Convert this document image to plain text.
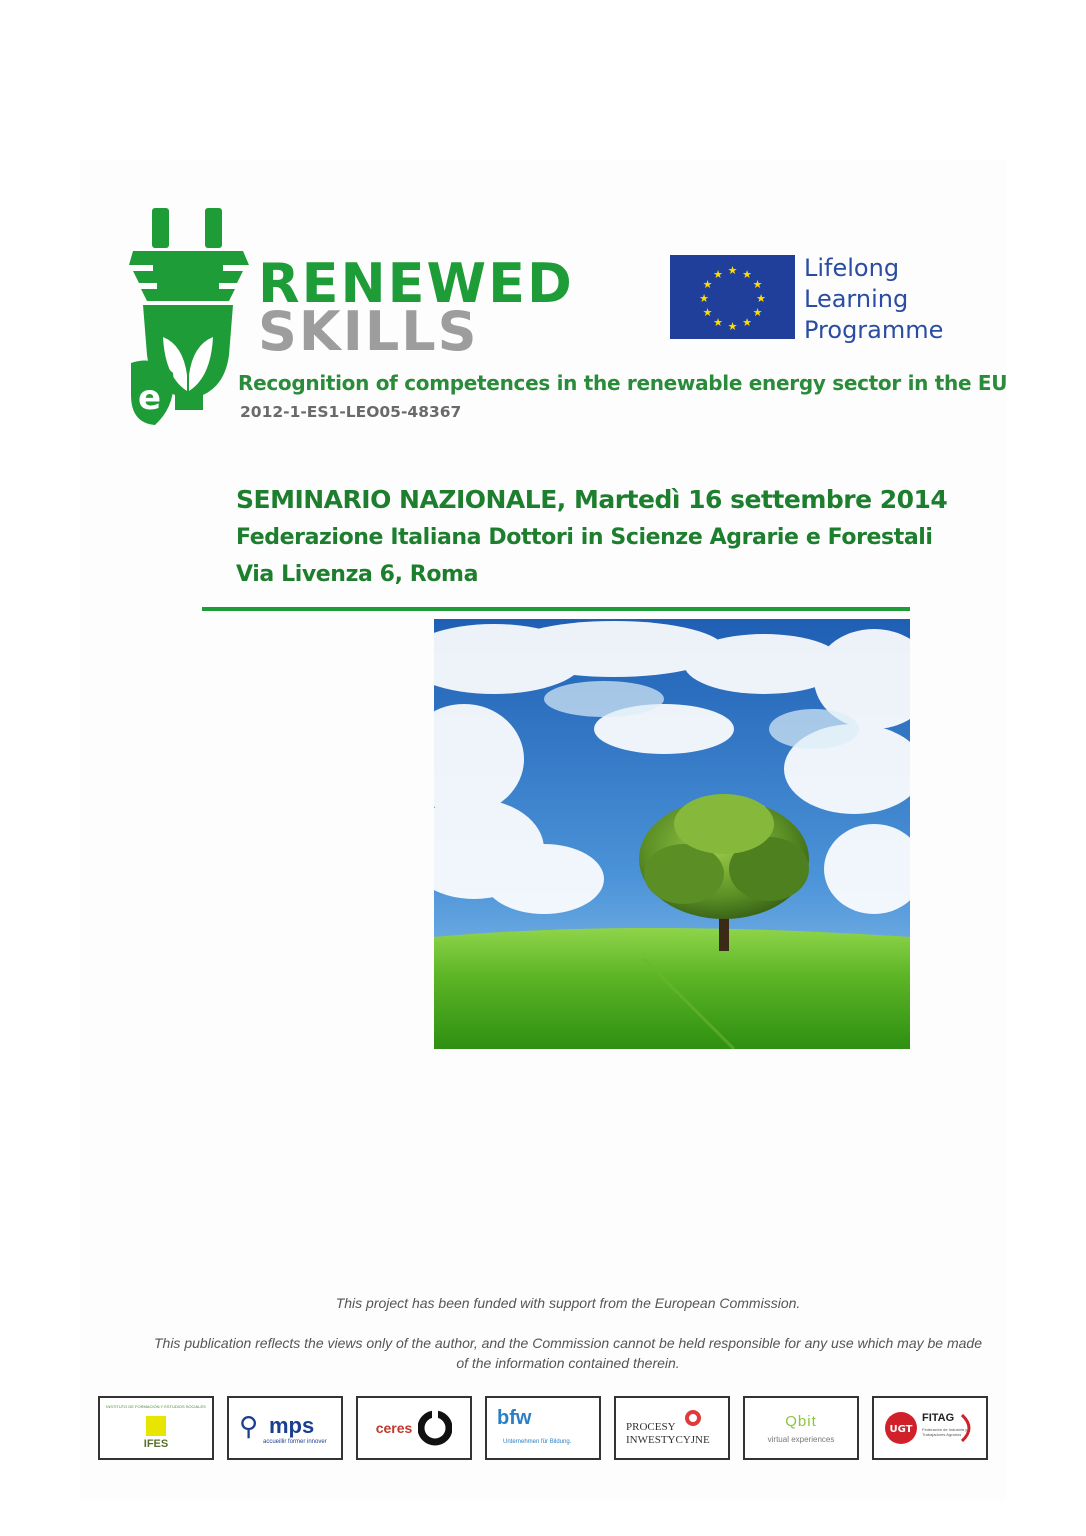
e
RENEWED
SKILLS
Recognition of competences in the renewable energy sector in the EU
2012-1-ES1-LEO05-48367
★ ★
★
★
★
★
★
★
★
★
★
★	Lifelong
Learning
Programme
SEMINARIO NAZIONALE, Martedì 16 settembre 2014
Federazione Italiana Dottori in Scienze Agrarie e Forestali
Via Livenza 6, Roma
This project has been funded with support from the European Commission.
This publication reflects the views only of the author, and the Commission cannot be held responsible for any use which may be made of the information contained therein.
INSTITUTO DE FORMACIÓN Y ESTUDIOS SOCIALES
IFES
⚲ mps
accueillir former innover
ceres	bfw
Unternehmen für Bildung.
PROCESY
INWESTYCYJNE
Qbit
virtual experiences
UGT
FITAG
Federación de Industria y Trabajadores Agrarios
